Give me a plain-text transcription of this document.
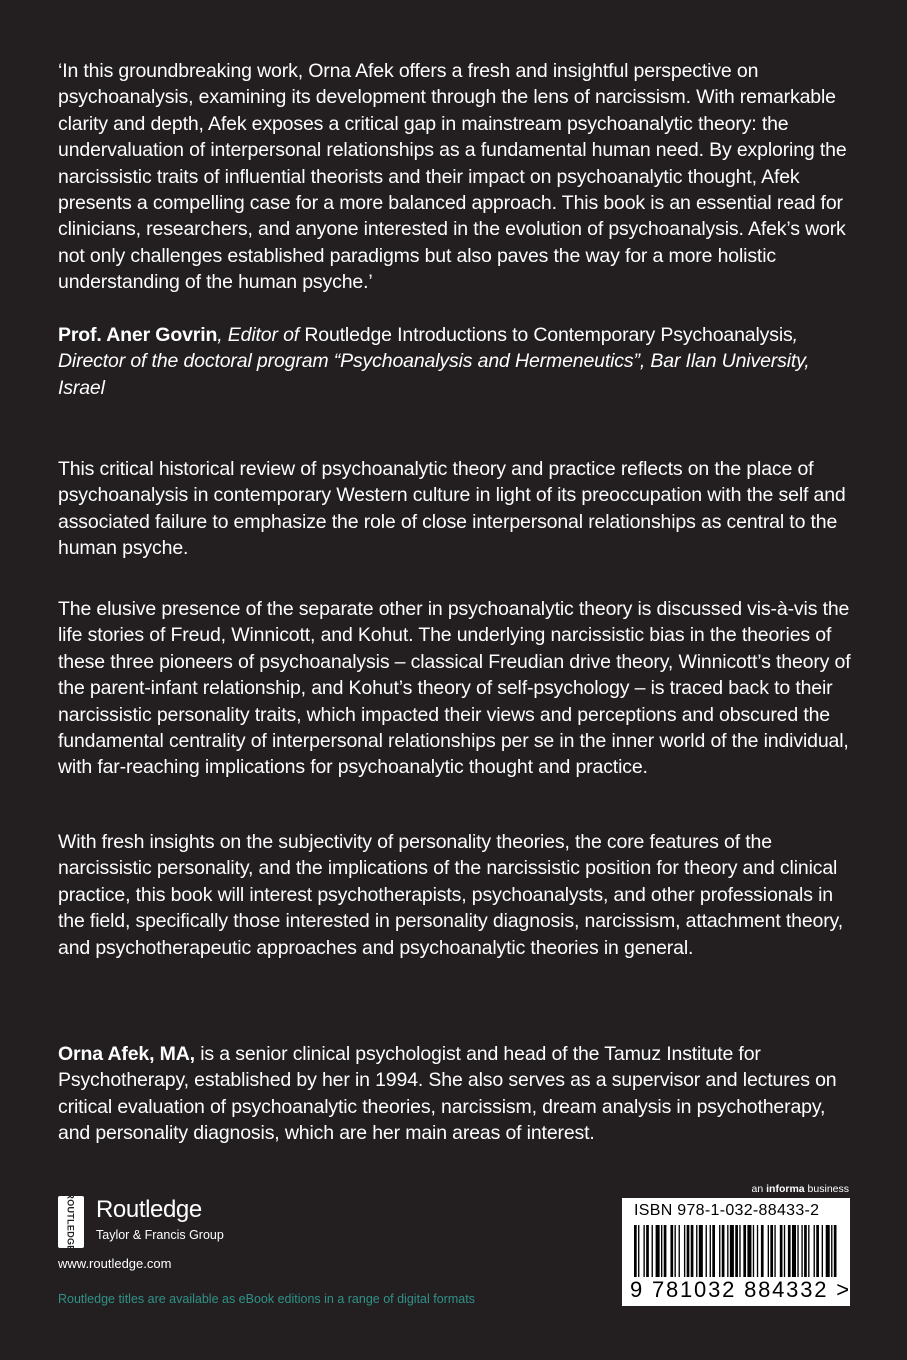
‘In this groundbreaking work, Orna Afek offers a fresh and insightful perspective on psychoanalysis, examining its development through the lens of narcissism. With remarkable clarity and depth, Afek exposes a critical gap in mainstream psychoanalytic theory: the undervaluation of interpersonal relationships as a fundamental human need. By exploring the narcissistic traits of influential theorists and their impact on psychoanalytic thought, Afek presents a compelling case for a more balanced approach. This book is an essential read for clinicians, researchers, and anyone interested in the evolution of psychoanalysis. Afek’s work not only challenges established paradigms but also paves the way for a more holistic understanding of the human psyche.’

Prof. Aner Govrin, Editor of Routledge Introductions to Contemporary Psychoanalysis, Director of the doctoral program “Psychoanalysis and Hermeneutics”, Bar Ilan University, Israel

This critical historical review of psychoanalytic theory and practice reflects on the place of psychoanalysis in contemporary Western culture in light of its preoccupation with the self and associated failure to emphasize the role of close interpersonal relationships as central to the human psyche.

The elusive presence of the separate other in psychoanalytic theory is discussed vis-à-vis the life stories of Freud, Winnicott, and Kohut. The underlying narcissistic bias in the theories of these three pioneers of psychoanalysis – classical Freudian drive theory, Winnicott’s theory of the parent-infant relationship, and Kohut’s theory of self-psychology – is traced back to their narcissistic personality traits, which impacted their views and perceptions and obscured the fundamental centrality of interpersonal relationships per se in the inner world of the individual, with far-reaching implications for psychoanalytic thought and practice.

With fresh insights on the subjectivity of personality theories, the core features of the narcissistic personality, and the implications of the narcissistic position for theory and clinical practice, this book will interest psychotherapists, psychoanalysts, and other professionals in the field, specifically those interested in personality diagnosis, narcissism, attachment theory, and psychotherapeutic approaches and psychoanalytic theories in general.

Orna Afek, MA, is a senior clinical psychologist and head of the Tamuz Institute for Psychotherapy, established by her in 1994. She also serves as a supervisor and lectures on critical evaluation of psychoanalytic theories, narcissism, dream analysis in psychotherapy, and personality diagnosis, which are her main areas of interest.

ROUTLEDGE Routledge
Taylor & Francis Group
www.routledge.com
Routledge titles are available as eBook editions in a range of digital formats
an informa business
ISBN 978-1-032-88433-2
9 781032 884332 >
